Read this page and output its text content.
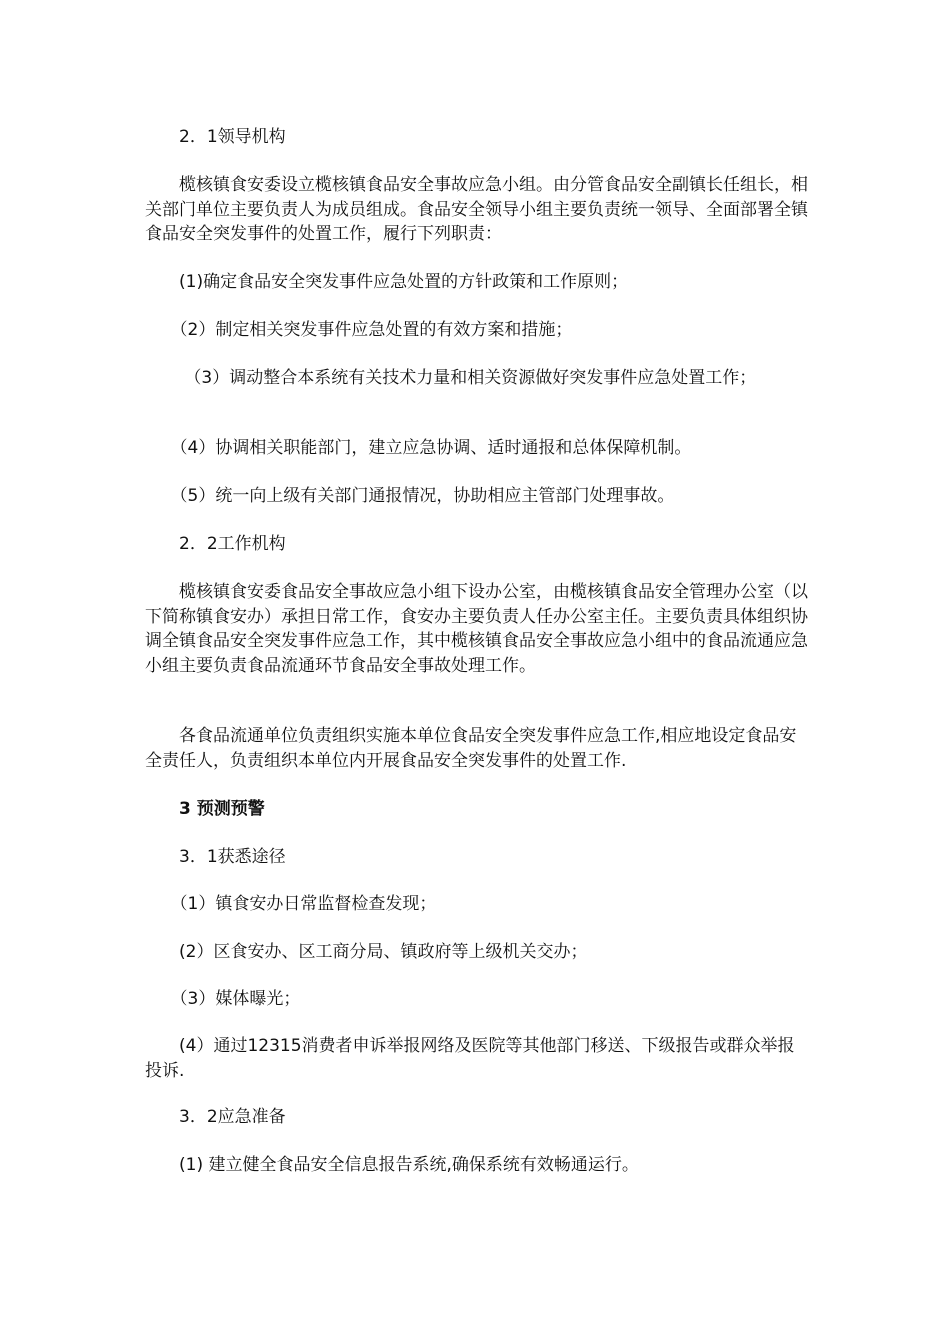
　　2．1领导机构

　　榄核镇食安委设立榄核镇食品安全事故应急小组。由分管食品安全副镇长任组长，相关部门单位主要负责人为成员组成。食品安全领导小组主要负责统一领导、全面部署全镇食品安全突发事件的处置工作，履行下列职责：

　　(1)确定食品安全突发事件应急处置的方针政策和工作原则；

　　（2）制定相关突发事件应急处置的有效方案和措施；

　　 （3）调动整合本系统有关技术力量和相关资源做好突发事件应急处置工作；

　　（4）协调相关职能部门，建立应急协调、适时通报和总体保障机制。

　　（5）统一向上级有关部门通报情况，协助相应主管部门处理事故。

　　2．2工作机构

　　榄核镇食安委食品安全事故应急小组下设办公室，由榄核镇食品安全管理办公室（以下简称镇食安办）承担日常工作，食安办主要负责人任办公室主任。主要负责具体组织协调全镇食品安全突发事件应急工作，其中榄核镇食品安全事故应急小组中的食品流通应急小组主要负责食品流通环节食品安全事故处理工作。

　　各食品流通单位负责组织实施本单位食品安全突发事件应急工作,相应地设定食品安全责任人，负责组织本单位内开展食品安全突发事件的处置工作.

　　3 预测预警

　　3．1获悉途径

　　（1）镇食安办日常监督检查发现；

　　(2）区食安办、区工商分局、镇政府等上级机关交办；

　　（3）媒体曝光；

　　(4）通过12315消费者申诉举报网络及医院等其他部门移送、下级报告或群众举报投诉.

　　3．2应急准备

　　(1) 建立健全食品安全信息报告系统,确保系统有效畅通运行。
